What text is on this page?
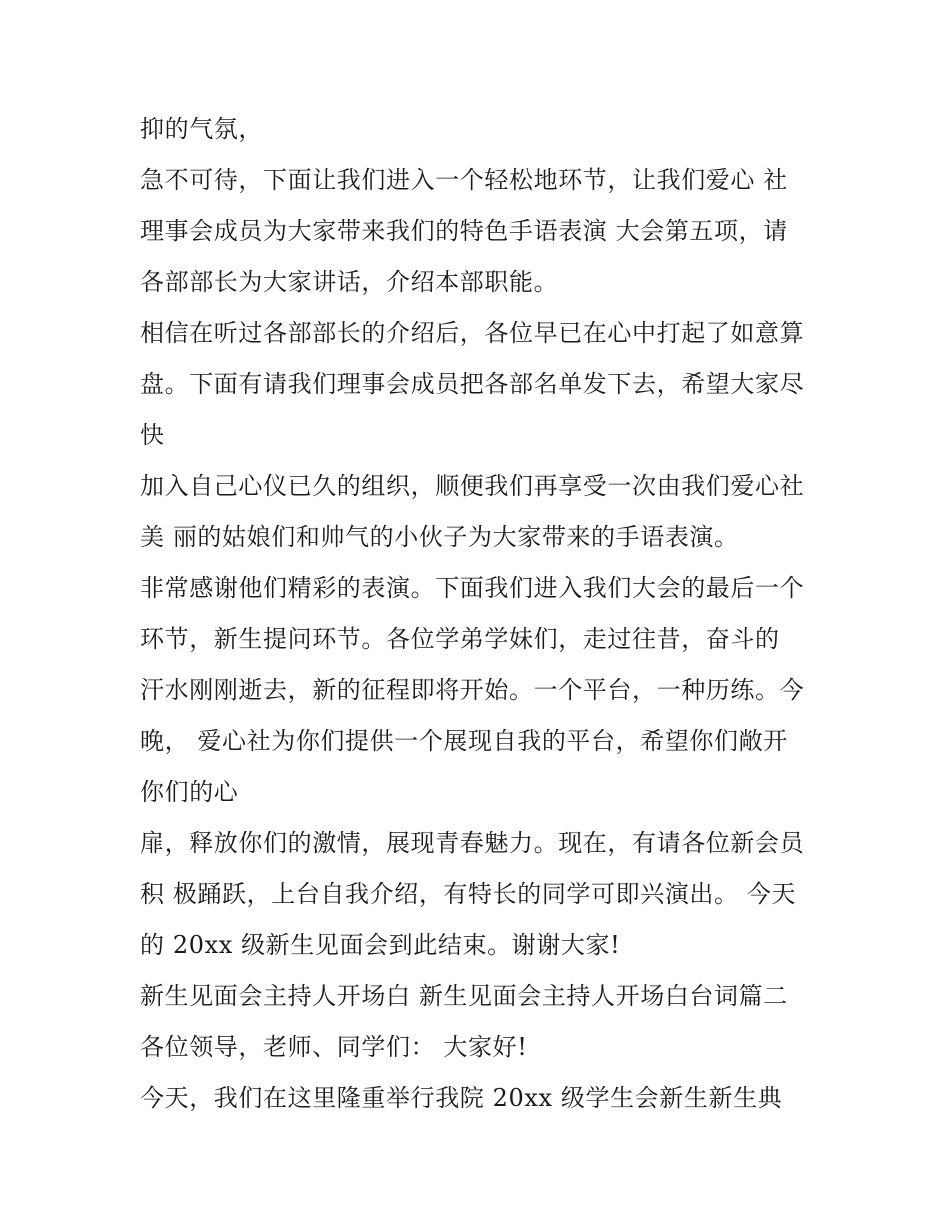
抑的气氛，
急不可待，下面让我们进入一个轻松地环节，让我们爱心 社
理事会成员为大家带来我们的特色手语表演 大会第五项，请
各部部长为大家讲话，介绍本部职能。
相信在听过各部部长的介绍后，各位早已在心中打起了如意算
盘。下面有请我们理事会成员把各部名单发下去，希望大家尽
快
加入自己心仪已久的组织，顺便我们再享受一次由我们爱心社
美 丽的姑娘们和帅气的小伙子为大家带来的手语表演。
非常感谢他们精彩的表演。下面我们进入我们大会的最后一个
环节，新生提问环节。各位学弟学妹们，走过往昔，奋斗的
汗水刚刚逝去，新的征程即将开始。一个平台，一种历练。今
晚， 爱心社为你们提供一个展现自我的平台，希望你们敞开
你们的心
扉，释放你们的激情，展现青春魅力。现在，有请各位新会员
积 极踊跃，上台自我介绍，有特长的同学可即兴演出。 今天
的 20xx 级新生见面会到此结束。谢谢大家!
新生见面会主持人开场白 新生见面会主持人开场白台词篇二
各位领导，老师、同学们： 大家好!
今天，我们在这里隆重举行我院 20xx 级学生会新生新生典
